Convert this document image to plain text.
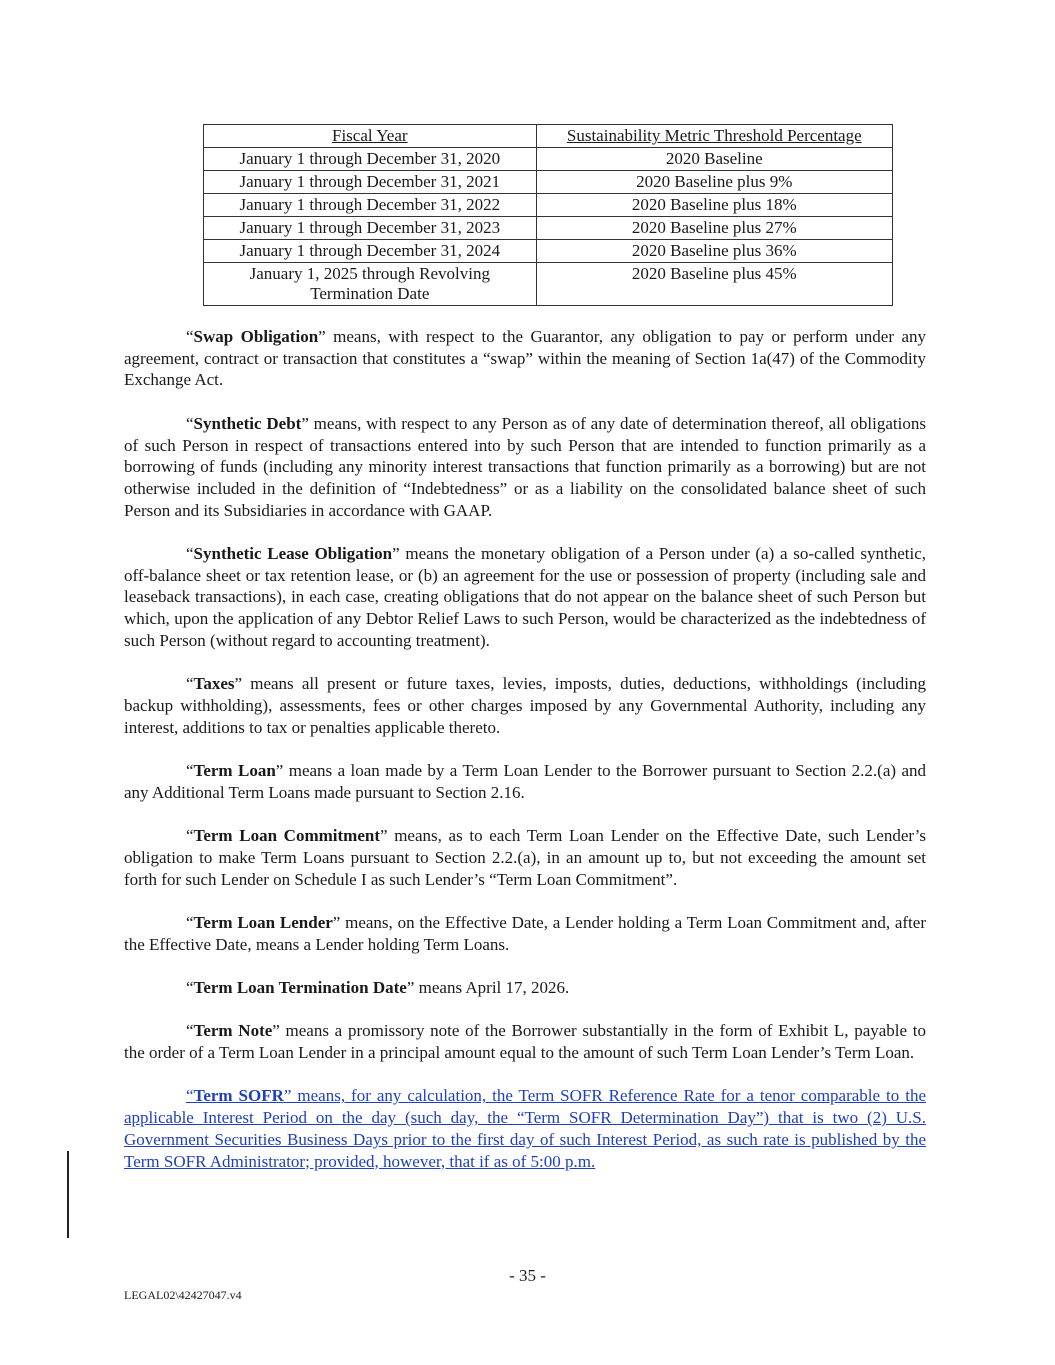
Fiscal Year	Sustainability Metric Threshold Percentage
January 1 through December 31, 2020	2020 Baseline
January 1 through December 31, 2021	2020 Baseline plus 9%
January 1 through December 31, 2022	2020 Baseline plus 18%
January 1 through December 31, 2023	2020 Baseline plus 27%
January 1 through December 31, 2024	2020 Baseline plus 36%
January 1, 2025 through Revolving Termination Date	2020 Baseline plus 45%

“Swap Obligation” means, with respect to the Guarantor, any obligation to pay or perform under any agreement, contract or transaction that constitutes a “swap” within the meaning of Section 1a(47) of the Commodity Exchange Act.

“Synthetic Debt” means, with respect to any Person as of any date of determination thereof, all obligations of such Person in respect of transactions entered into by such Person that are intended to function primarily as a borrowing of funds (including any minority interest transactions that function primarily as a borrowing) but are not otherwise included in the definition of “Indebtedness” or as a liability on the consolidated balance sheet of such Person and its Subsidiaries in accordance with GAAP.

“Synthetic Lease Obligation” means the monetary obligation of a Person under (a) a so-called synthetic, off-balance sheet or tax retention lease, or (b) an agreement for the use or possession of property (including sale and leaseback transactions), in each case, creating obligations that do not appear on the balance sheet of such Person but which, upon the application of any Debtor Relief Laws to such Person, would be characterized as the indebtedness of such Person (without regard to accounting treatment).

“Taxes” means all present or future taxes, levies, imposts, duties, deductions, withholdings (including backup withholding), assessments, fees or other charges imposed by any Governmental Authority, including any interest, additions to tax or penalties applicable thereto.

“Term Loan” means a loan made by a Term Loan Lender to the Borrower pursuant to Section 2.2.(a) and any Additional Term Loans made pursuant to Section 2.16.

“Term Loan Commitment” means, as to each Term Loan Lender on the Effective Date, such Lender’s obligation to make Term Loans pursuant to Section 2.2.(a), in an amount up to, but not exceeding the amount set forth for such Lender on Schedule I as such Lender’s “Term Loan Commitment”.

“Term Loan Lender” means, on the Effective Date, a Lender holding a Term Loan Commitment and, after the Effective Date, means a Lender holding Term Loans.

“Term Loan Termination Date” means April 17, 2026.

“Term Note” means a promissory note of the Borrower substantially in the form of Exhibit L, payable to the order of a Term Loan Lender in a principal amount equal to the amount of such Term Loan Lender’s Term Loan.

“Term SOFR” means, for any calculation, the Term SOFR Reference Rate for a tenor comparable to the applicable Interest Period on the day (such day, the “Term SOFR Determination Day”) that is two (2) U.S. Government Securities Business Days prior to the first day of such Interest Period, as such rate is published by the Term SOFR Administrator; provided, however, that if as of 5:00 p.m.

- 35 -
LEGAL02\42427047.v4
